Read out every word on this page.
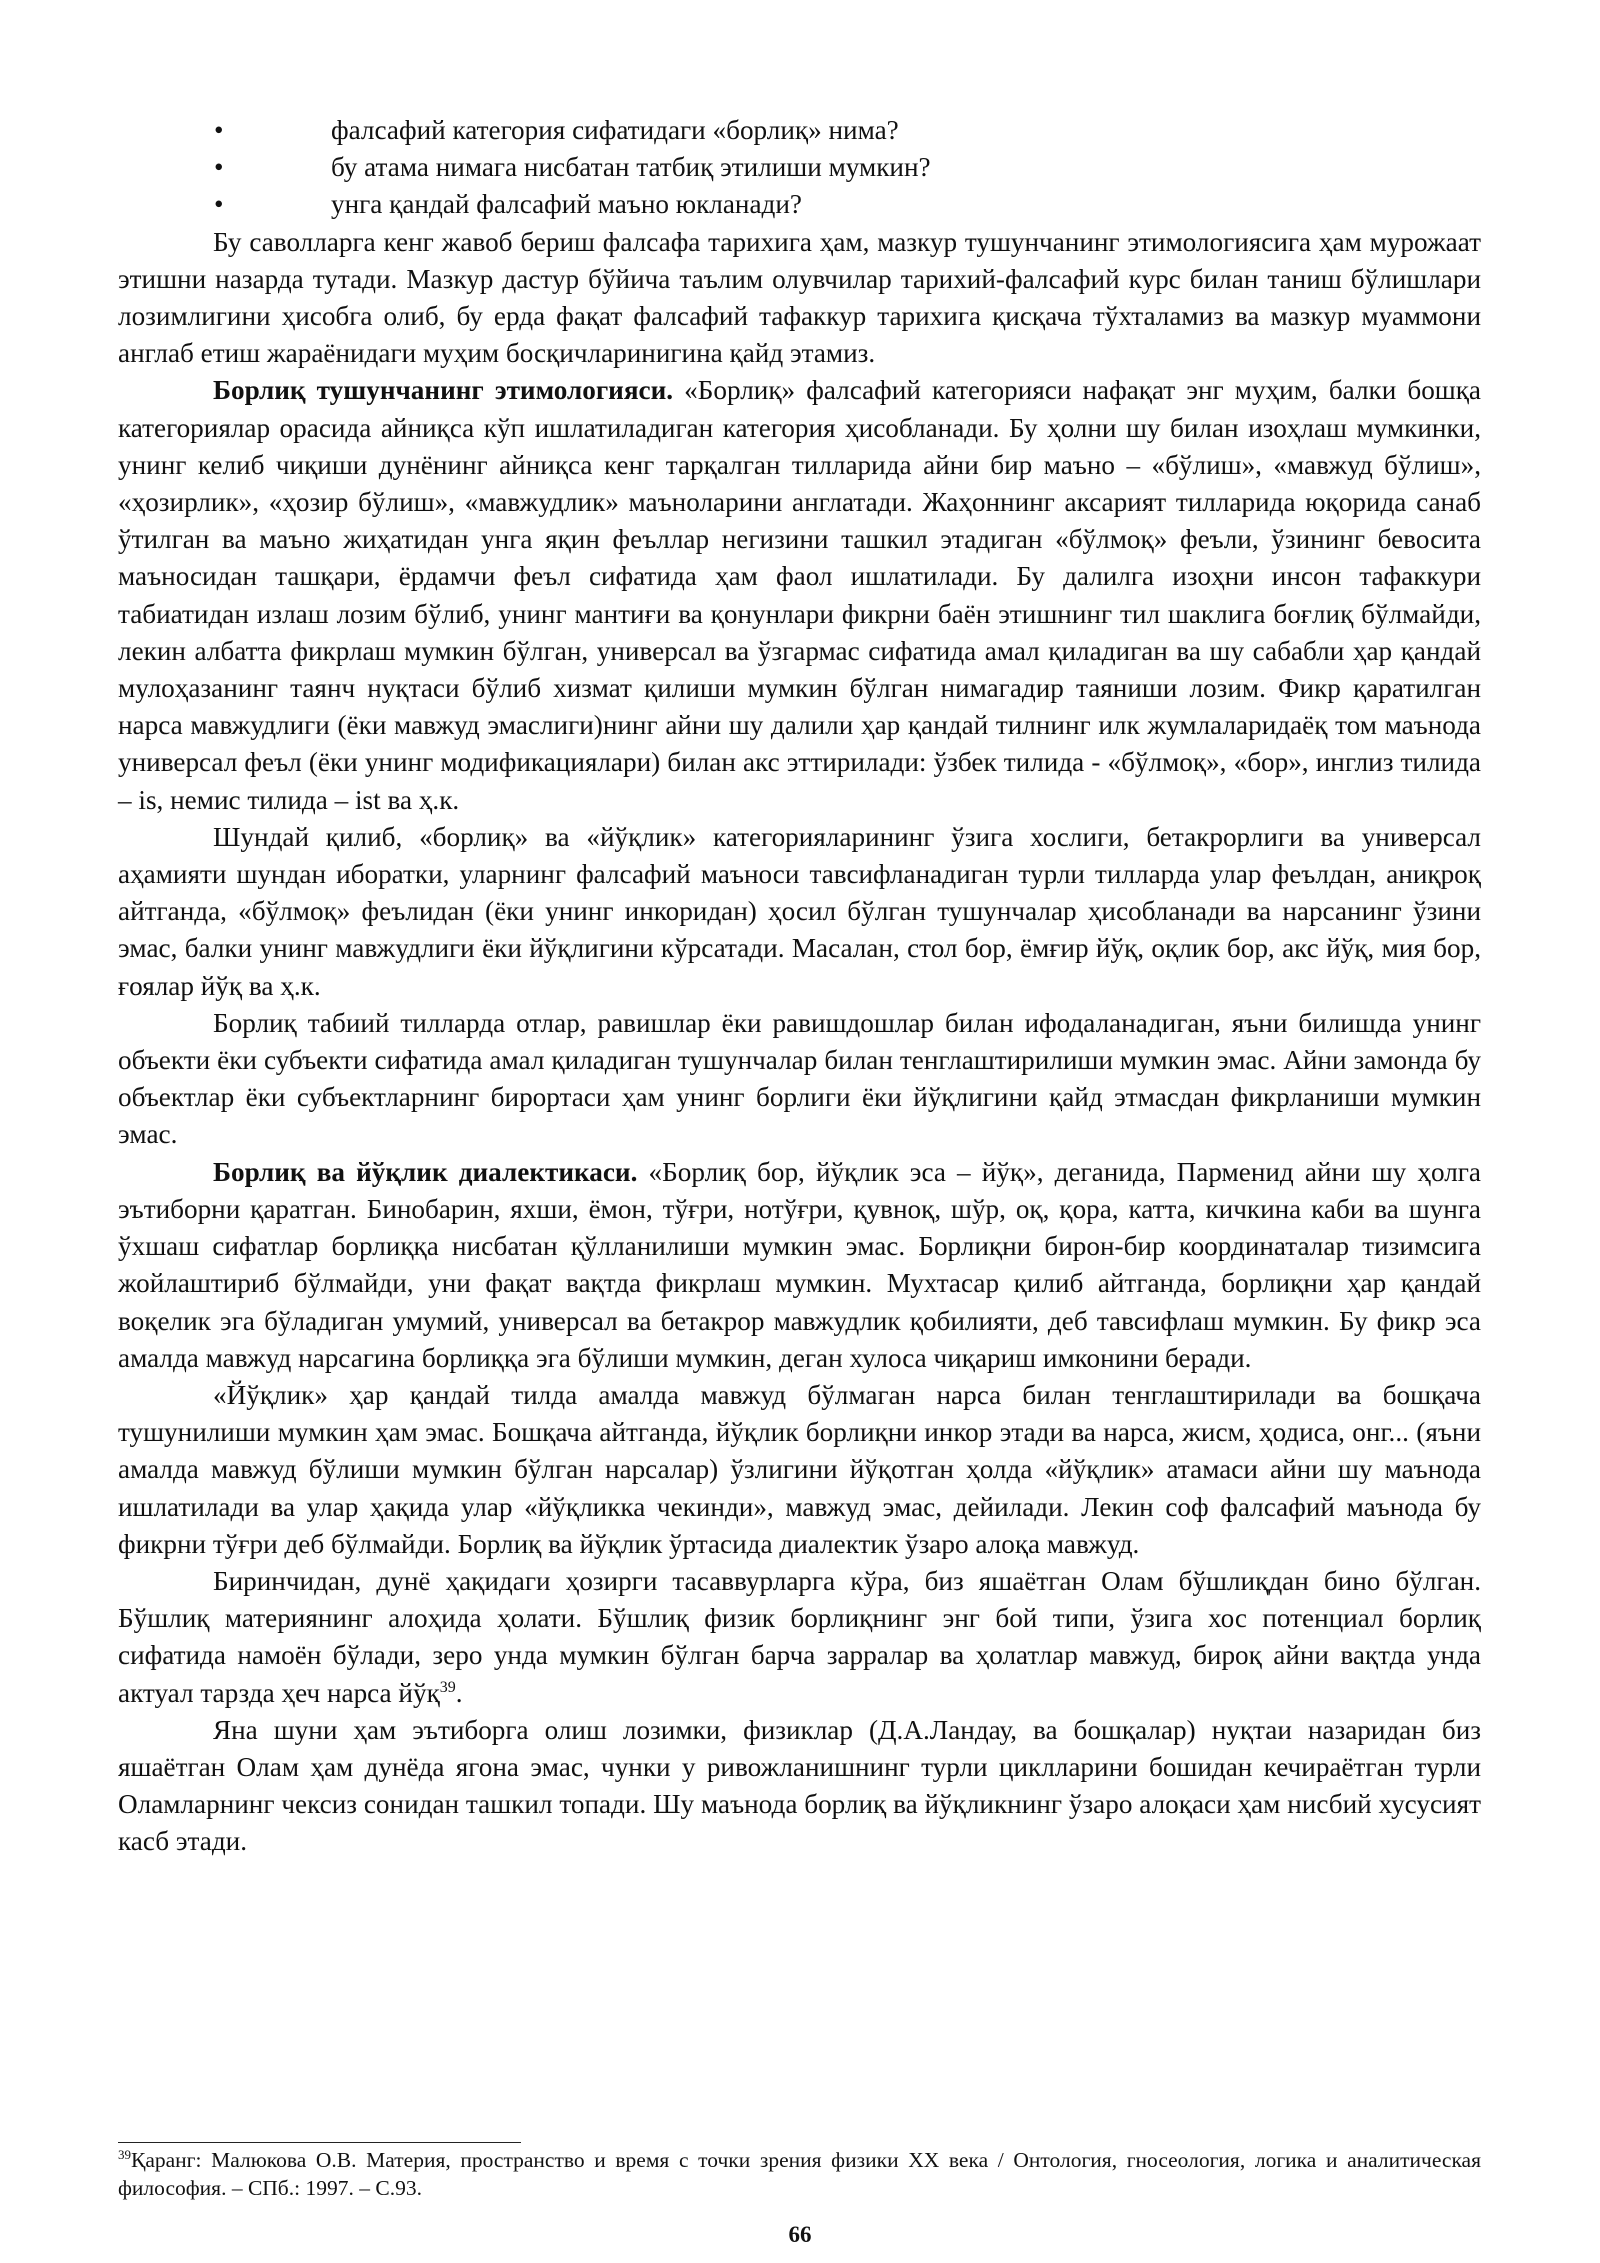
•	фалсафий категория сифатидаги «борлиқ» нима?
•	бу атама нимага нисбатан татбиқ этилиши мумкин?
•	унга қандай фалсафий маъно юкланади?

Бу саволларга кенг жавоб бериш фалсафа тарихига ҳам, мазкур тушунчанинг этимологиясига ҳам мурожаат этишни назарда тутади. Мазкур дастур бўйича таълим олувчилар тарихий-фалсафий курс билан таниш бўлишлари лозимлигини ҳисобга олиб, бу ерда фақат фалсафий тафаккур тарихига қисқача тўхталамиз ва мазкур муаммони англаб етиш жараёнидаги муҳим босқичларинигина қайд этамиз.

Борлиқ тушунчанинг этимологияси. «Борлиқ» фалсафий категорияси нафақат энг муҳим, балки бошқа категориялар орасида айниқса кўп ишлатиладиган категория ҳисобланади. Бу ҳолни шу билан изоҳлаш мумкинки, унинг келиб чиқиши дунёнинг айниқса кенг тарқалган тилларида айни бир маъно – «бўлиш», «мавжуд бўлиш», «ҳозирлик», «ҳозир бўлиш», «мавжудлик» маъноларини англатади. Жаҳоннинг аксарият тилларида юқорида санаб ўтилган ва маъно жиҳатидан унга яқин феъллар негизини ташкил этадиган «бўлмоқ» феъли, ўзининг бевосита маъносидан ташқари, ёрдамчи феъл сифатида ҳам фаол ишлатилади. Бу далилга изоҳни инсон тафаккури табиатидан излаш лозим бўлиб, унинг мантиғи ва қонунлари фикрни баён этишнинг тил шаклига боғлиқ бўлмайди, лекин албатта фикрлаш мумкин бўлган, универсал ва ўзгармас сифатида амал қиладиган ва шу сабабли ҳар қандай мулоҳазанинг таянч нуқтаси бўлиб хизмат қилиши мумкин бўлган нимагадир таяниши лозим. Фикр қаратилган нарса мавжудлиги (ёки мавжуд эмаслиги)нинг айни шу далили ҳар қандай тилнинг илк жумлаларидаёқ том маънода универсал феъл (ёки унинг модификациялари) билан акс эттирилади: ўзбек тилида - «бўлмоқ», «бор», инглиз тилида – is, немис тилида – ist ва ҳ.к.

Шундай қилиб, «борлиқ» ва «йўқлик» категорияларининг ўзига хослиги, бетакрорлиги ва универсал аҳамияти шундан иборатки, уларнинг фалсафий маъноси тавсифланадиган турли тилларда улар феълдан, аниқроқ айтганда, «бўлмоқ» феълидан (ёки унинг инкоридан) ҳосил бўлган тушунчалар ҳисобланади ва нарсанинг ўзини эмас, балки унинг мавжудлиги ёки йўқлигини кўрсатади. Масалан, стол бор, ёмғир йўқ, оқлик бор, акс йўқ, мия бор, ғоялар йўқ ва ҳ.к.

Борлиқ табиий тилларда отлар, равишлар ёки равишдошлар билан ифодаланадиган, яъни билишда унинг объекти ёки субъекти сифатида амал қиладиган тушунчалар билан тенглаштирилиши мумкин эмас. Айни замонда бу объектлар ёки субъектларнинг бирортаси ҳам унинг борлиги ёки йўқлигини қайд этмасдан фикрланиши мумкин эмас.

Борлиқ ва йўқлик диалектикаси. «Борлиқ бор, йўқлик эса – йўқ», деганида, Парменид айни шу ҳолга эътиборни қаратган. Бинобарин, яхши, ёмон, тўғри, нотўғри, қувноқ, шўр, оқ, қора, катта, кичкина каби ва шунга ўхшаш сифатлар борлиққа нисбатан қўлланилиши мумкин эмас. Борлиқни бирон-бир координаталар тизимсига жойлаштириб бўлмайди, уни фақат вақтда фикрлаш мумкин. Мухтасар қилиб айтганда, борлиқни ҳар қандай воқелик эга бўладиган умумий, универсал ва бетакрор мавжудлик қобилияти, деб тавсифлаш мумкин. Бу фикр эса амалда мавжуд нарсагина борлиққа эга бўлиши мумкин, деган хулоса чиқариш имконини беради.

«Йўқлик» ҳар қандай тилда амалда мавжуд бўлмаган нарса билан тенглаштирилади ва бошқача тушунилиши мумкин ҳам эмас. Бошқача айтганда, йўқлик борлиқни инкор этади ва нарса, жисм, ҳодиса, онг... (яъни амалда мавжуд бўлиши мумкин бўлган нарсалар) ўзлигини йўқотган ҳолда «йўқлик» атамаси айни шу маънода ишлатилади ва улар ҳақида улар «йўқликка чекинди», мавжуд эмас, дейилади. Лекин соф фалсафий маънода бу фикрни тўғри деб бўлмайди. Борлиқ ва йўқлик ўртасида диалектик ўзаро алоқа мавжуд.

Биринчидан, дунё ҳақидаги ҳозирги тасаввурларга кўра, биз яшаётган Олам бўшлиқдан бино бўлган. Бўшлиқ материянинг алоҳида ҳолати. Бўшлиқ физик борлиқнинг энг бой типи, ўзига хос потенциал борлиқ сифатида намоён бўлади, зеро унда мумкин бўлган барча зарралар ва ҳолатлар мавжуд, бироқ айни вақтда унда актуал тарзда ҳеч нарса йўқ$^{39}$.

Яна шуни ҳам эътиборга олиш лозимки, физиклар (Д.А.Ландау, ва бошқалар) нуқтаи назаридан биз яшаётган Олам ҳам дунёда ягона эмас, чунки у ривожланишнинг турли циклларини бошидан кечираётган турли Оламларнинг чексиз сонидан ташкил топади. Шу маънода борлиқ ва йўқликнинг ўзаро алоқаси ҳам нисбий хусусият касб этади.

$^{39}$Қаранг: Малюкова О.В. Материя, пространство и время с точки зрения физики XX века / Онтология, гносеология, логика и аналитическая философия. – СПб.: 1997. – С.93.
66
